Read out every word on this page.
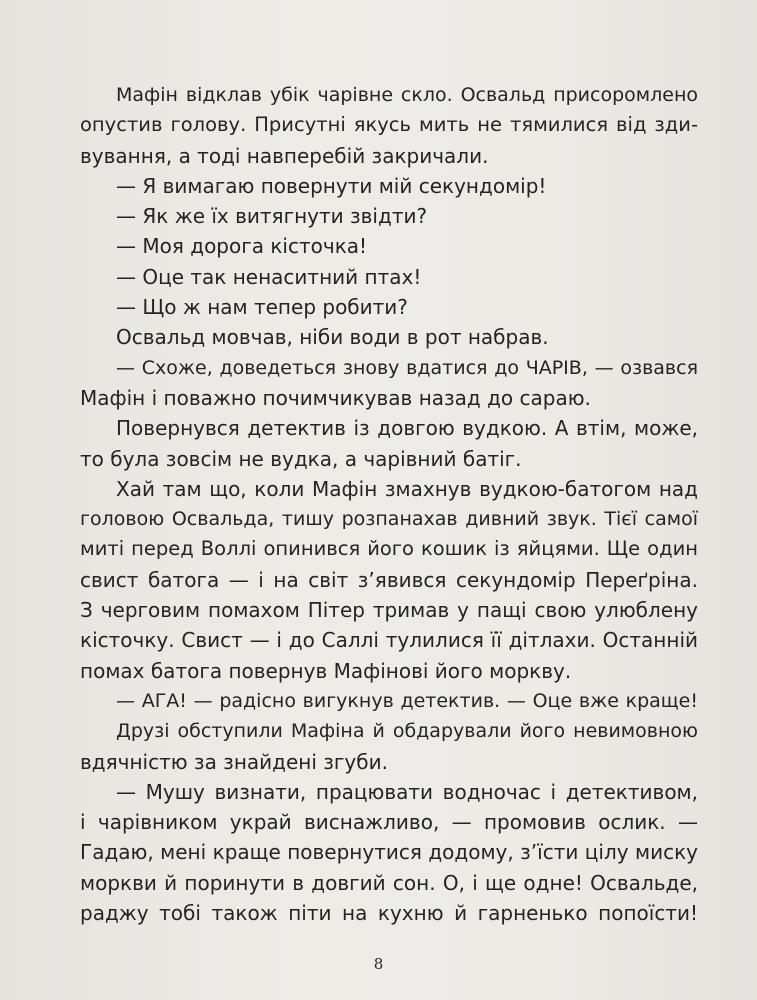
Мафін відклав убік чарівне скло. Освальд присоромлено
опустив голову. Присутні якусь мить не тямилися від зди-
вування, а тоді навперебій закричали.
— Я вимагаю повернути мій секундомір!
— Як же їх витягнути звідти?
— Моя дорога кісточка!
— Оце так ненаситний птах!
— Що ж нам тепер робити?
Освальд мовчав, ніби води в рот набрав.
— Схоже, доведеться знову вдатися до ЧАРІВ, — озвався
Мафін і поважно почимчикував назад до сараю.
Повернувся детектив із довгою вудкою. А втім, може,
то була зовсім не вудка, а чарівний батіг.
Хай там що, коли Мафін змахнув вудкою-батогом над
головою Освальда, тишу розпанахав дивний звук. Тієї самої
миті перед Воллі опинився його кошик із яйцями. Ще один
свист батога — і на світ з’явився секундомір Переґріна.
З черговим помахом Пітер тримав у пащі свою улюблену
кісточку. Свист — і до Саллі тулилися її дітлахи. Останній
помах батога повернув Мафінові його моркву.
— АГА! — радісно вигукнув детектив. — Оце вже краще!
Друзі обступили Мафіна й обдарували його невимовною
вдячністю за знайдені згуби.
— Мушу визнати, працювати водночас і детективом,
і чарівником украй виснажливо, — промовив ослик. —
Гадаю, мені краще повернутися додому, з’їсти цілу миску
моркви й поринути в довгий сон. О, і ще одне! Освальде,
раджу тобі також піти на кухню й гарненько попоїсти!
8
